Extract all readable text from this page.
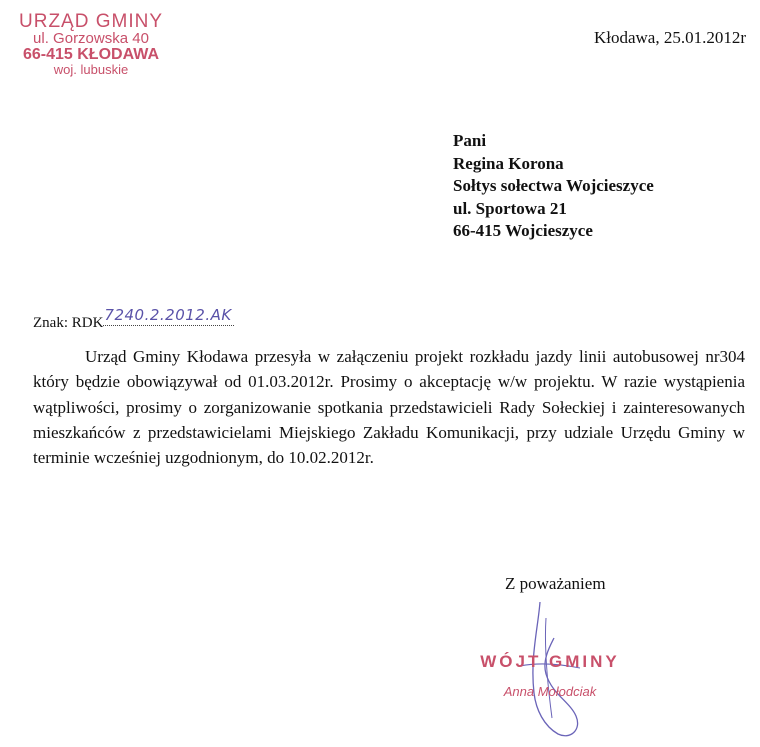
URZĄD GMINY
ul. Gorzowska 40
66-415 KŁODAWA
woj. lubuskie
Kłodawa, 25.01.2012r
Pani
Regina Korona
Sołtys sołectwa Wojcieszyce
ul. Sportowa 21
66-415 Wojcieszyce
Znak: RDK7240.2.2012.AK

Urząd Gminy Kłodawa przesyła w załączeniu projekt rozkładu jazdy linii autobusowej nr304 który będzie obowiązywał od 01.03.2012r. Prosimy o akceptację w/w projektu. W razie wystąpienia wątpliwości, prosimy o zorganizowanie spotkania przedstawicieli Rady Sołeckiej i zainteresowanych mieszkańców z przedstawicielami Miejskiego Zakładu Komunikacji, przy udziale Urzędu Gminy w terminie wcześniej uzgodnionym, do 10.02.2012r.

Z poważaniem
WÓJT GMINY
Anna Mołodciak
